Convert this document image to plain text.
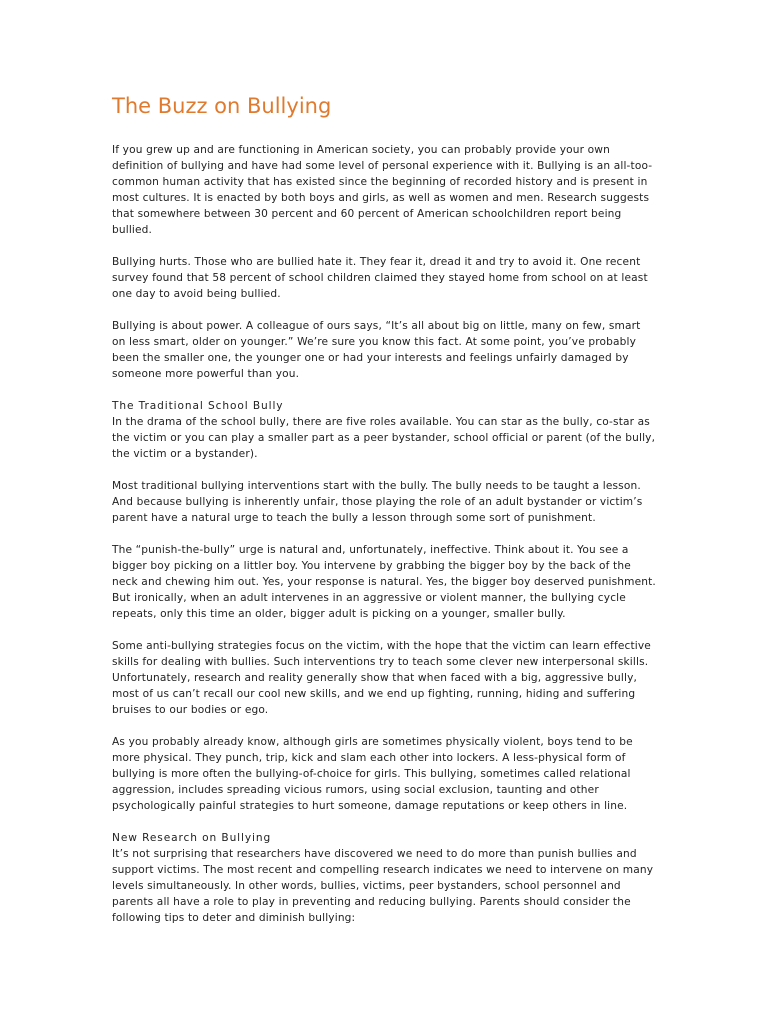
The Buzz on Bullying

If you grew up and are functioning in American society, you can probably provide your own definition of bullying and have had some level of personal experience with it. Bullying is an all-too-common human activity that has existed since the beginning of recorded history and is present in most cultures. It is enacted by both boys and girls, as well as women and men. Research suggests that somewhere between 30 percent and 60 percent of American schoolchildren report being bullied.

Bullying hurts. Those who are bullied hate it. They fear it, dread it and try to avoid it. One recent survey found that 58 percent of school children claimed they stayed home from school on at least one day to avoid being bullied.

Bullying is about power. A colleague of ours says, “It’s all about big on little, many on few, smart on less smart, older on younger.” We’re sure you know this fact. At some point, you’ve probably been the smaller one, the younger one or had your interests and feelings unfairly damaged by someone more powerful than you.

The Traditional School Bully

In the drama of the school bully, there are five roles available. You can star as the bully, co-star as the victim or you can play a smaller part as a peer bystander, school official or parent (of the bully, the victim or a bystander).

Most traditional bullying interventions start with the bully. The bully needs to be taught a lesson. And because bullying is inherently unfair, those playing the role of an adult bystander or victim’s parent have a natural urge to teach the bully a lesson through some sort of punishment.

The “punish-the-bully” urge is natural and, unfortunately, ineffective. Think about it. You see a bigger boy picking on a littler boy. You intervene by grabbing the bigger boy by the back of the neck and chewing him out. Yes, your response is natural. Yes, the bigger boy deserved punishment. But ironically, when an adult intervenes in an aggressive or violent manner, the bullying cycle repeats, only this time an older, bigger adult is picking on a younger, smaller bully.

Some anti-bullying strategies focus on the victim, with the hope that the victim can learn effective skills for dealing with bullies. Such interventions try to teach some clever new interpersonal skills. Unfortunately, research and reality generally show that when faced with a big, aggressive bully, most of us can’t recall our cool new skills, and we end up fighting, running, hiding and suffering bruises to our bodies or ego.

As you probably already know, although girls are sometimes physically violent, boys tend to be more physical. They punch, trip, kick and slam each other into lockers. A less-physical form of bullying is more often the bullying-of-choice for girls. This bullying, sometimes called relational aggression, includes spreading vicious rumors, using social exclusion, taunting and other psychologically painful strategies to hurt someone, damage reputations or keep others in line.

New Research on Bullying

It’s not surprising that researchers have discovered we need to do more than punish bullies and support victims. The most recent and compelling research indicates we need to intervene on many levels simultaneously. In other words, bullies, victims, peer bystanders, school personnel and parents all have a role to play in preventing and reducing bullying. Parents should consider the following tips to deter and diminish bullying:
